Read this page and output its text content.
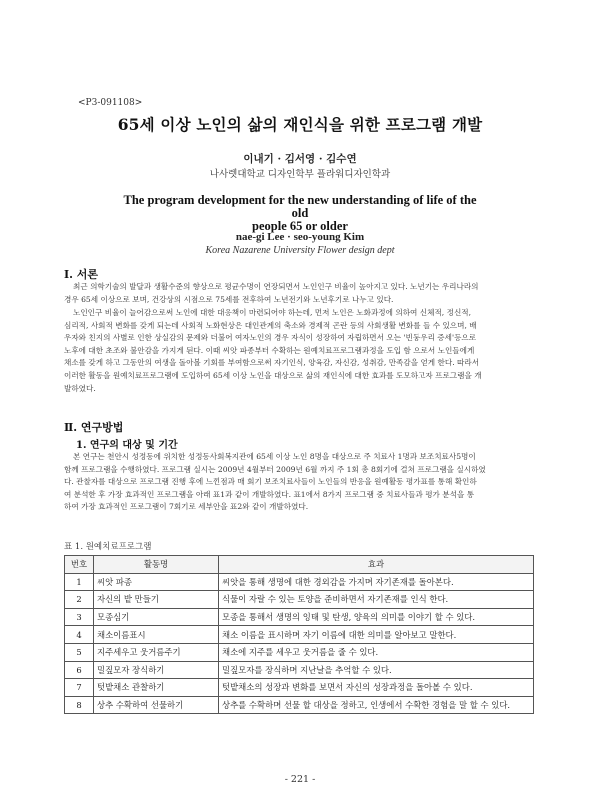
<P3-091108>
65세 이상 노인의 삶의 재인식을 위한 프로그램 개발
이내기 · 김서영 · 김수연
나사렛대학교 디자인학부 플라워디자인학과
The program development for the new understanding of life of the old
people 65 or older
nae-gi Lee · seo-young Kim
Korea Nazarene University Flower design dept
Ⅰ. 서론
최근 의학기술의 발달과 생활수준의 향상으로 평균수명이 연장되면서 노인인구 비율이 높아지고 있다. 노년기는 우리나라의
경우 65세 이상으로 보며, 건강상의 시점으로 75세를 전후하여 노년전기와 노년후기로 나누고 있다.
노인인구 비율이 늘어감으로써 노인에 대한 대응책이 마련되어야 하는데, 먼저 노인은 노화과정에 의하여 신체적, 정신적,
심리적, 사회적 변화를 갖게 되는데 사회적 노화현상은 대인관계의 축소와 경제적 곤란 등의 사회생활 변화를 들 수 있으며, 배
우자와 친지의 사별로 인한 상실감의 문제와 더불어 여자노인의 경우 자식이 성장하여 자립하면서 오는 '빈둥우리 증세'등으로
노후에 대한 초조와 불안감을 가지게 된다. 이때 씨앗 파종부터 수확하는 원예치료프로그램과정을 도입 함 으로서 노인들에게
채소를 갖게 하고 그동안의 여생을 돌아볼 기회를 부여함으로써 자기인식, 양육감, 자신감, 성취감, 만족감을 얻게 한다. 따라서
이러한 활동을 원예치료프로그램에 도입하여 65세 이상 노인을 대상으로 삶의 재인식에 대한 효과를 도모하고자 프로그램을 개
발하였다.
Ⅱ. 연구방법
1. 연구의 대상 및 기간
본 연구는 천안시 성정동에 위치한 성정동사회복지관에 65세 이상 노인 8명을 대상으로 주 치료사 1명과 보조치료사5명이
함께 프로그램을 수행하였다. 프로그램 실시는 2009년 4월부터 2009년 6월 까지 주 1회 총 8회기에 걸쳐 프로그램을 실시하였
다. 관찰자를 대상으로 프로그램 진행 후에 느낀점과 매 회기 보조치료사들이 노인들의 반응을 원예활동 평가표를 통해 확인하
여 분석한 후 가장 효과적인 프로그램을 아래 표1과 같이 개발하였다. 표1에서 8가지 프로그램 중 치료사들과 평가 분석을 통
하여 가장 효과적인 프로그램이 7회기로 세부안을 표2와 같이 개발하였다.
표 1. 원예치료프로그램
번호	활동명	효과
1	씨앗 파종	씨앗을 통해 생명에 대한 경외감을 가지며 자기존재를 돌아본다.
2	자신의 밭 만들기	식물이 자랄 수 있는 토양을 준비하면서 자기존재를 인식 한다.
3	모종심기	모종을 통해서 생명의 잉태 및 탄생, 양육의 의미를 이야기 할 수 있다.
4	채소이름표시	채소 이름을 표시하며 자기 이름에 대한 의미를 알아보고 말한다.
5	지주세우고 웃거름주기	채소에 지주를 세우고 웃거름을 줄 수 있다.
6	밀짚모자 장식하기	밀짚모자를 장식하며 지난날을 추억할 수 있다.
7	텃밭채소 관찰하기	텃밭채소의 성장과 변화를 보면서 자신의 성장과정을 돌아볼 수 있다.
8	상추 수확하여 선물하기	상추를 수확하며 선물 할 대상을 정하고, 인생에서 수확한 경험을 말 할 수 있다.
- 221 -
